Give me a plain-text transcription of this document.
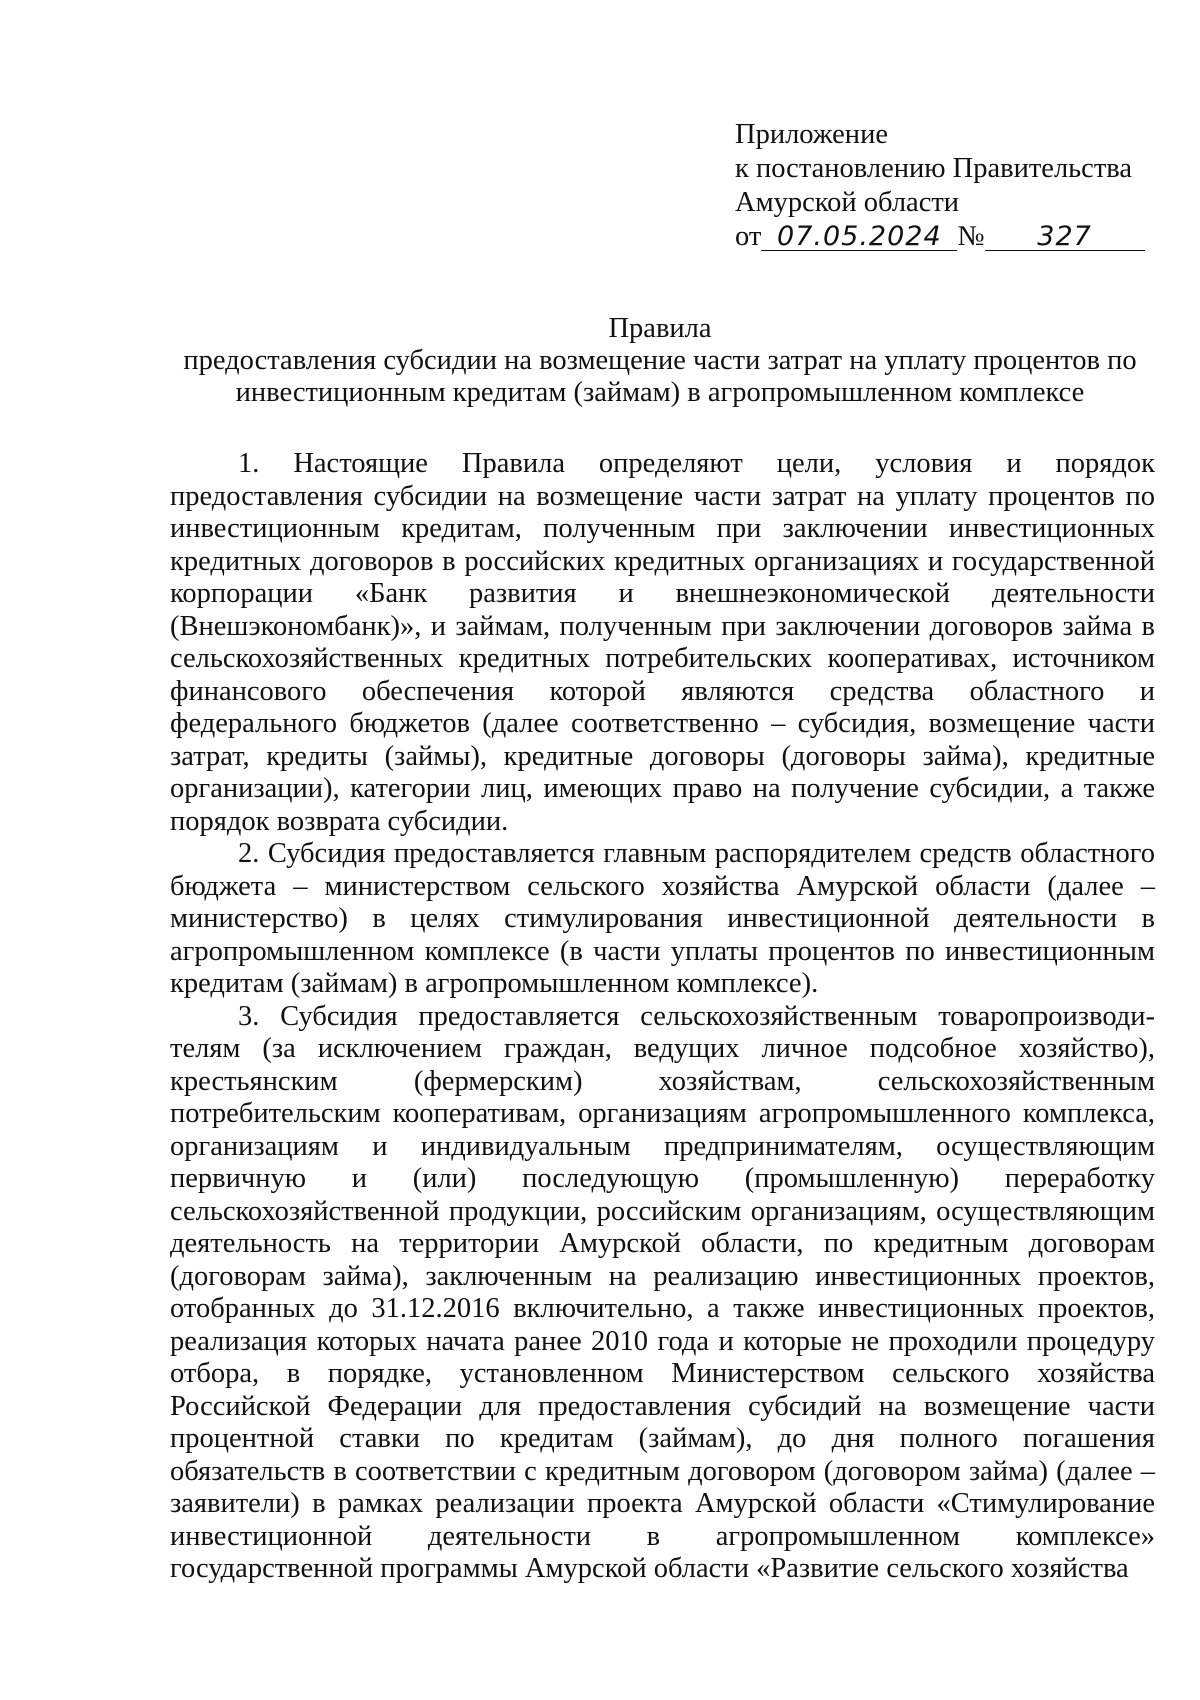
Приложение
к постановлению Правительства
Амурской области
от 07.05.2024 № 327
Правила
предоставления субсидии на возмещение части затрат на уплату процентов по
инвестиционным кредитам (займам) в агропромышленном комплексе

1. Настоящие Правила определяют цели, условия и порядок предоставления субсидии на возмещение части затрат на уплату процентов по инвестиционным кредитам, полученным при заключении инвестиционных кредитных договоров в российских кредитных организациях и государственной корпорации «Банк развития и внешнеэкономической деятельности (Внешэкономбанк)», и займам, полученным при заключении договоров займа в сельскохозяйственных кредитных потребительских кооперативах, источником финансового обеспечения которой являются средства областного и федерального бюджетов (далее соответственно – субсидия, возмещение части затрат, кредиты (займы), кредитные договоры (договоры займа), кредитные организации), категории лиц, имеющих право на получение субсидии, а также порядок возврата субсидии.

2. Субсидия предоставляется главным распорядителем средств областного бюджета – министерством сельского хозяйства Амурской области (далее – министерство) в целях стимулирования инвестиционной деятельности в агропромышленном комплексе (в части уплаты процентов по инвестиционным кредитам (займам) в агропромышленном комплексе).

3. Субсидия предоставляется сельскохозяйственным товаропроизводителям (за исключением граждан, ведущих личное подсобное хозяйство), крестьянским (фермерским) хозяйствам, сельскохозяйственным потребительским кооперативам, организациям агропромышленного комплекса, организациям и индивидуальным предпринимателям, осуществляющим первичную и (или) последующую (промышленную) переработку сельскохозяйственной продукции, российским организациям, осуществляющим деятельность на территории Амурской области, по кредитным договорам (договорам займа), заключенным на реализацию инвестиционных проектов, отобранных до 31.12.2016 включительно, а также инвестиционных проектов, реализация которых начата ранее 2010 года и которые не проходили процедуру отбора, в порядке, установленном Министерством сельского хозяйства Российской Федерации для предоставления субсидий на возмещение части процентной ставки по кредитам (займам), до дня полного погашения обязательств в соответствии с кредитным договором (договором займа) (далее – заявители) в рамках реализации проекта Амурской области «Стимулирование инвестиционной деятельности в агропромышленном комплексе» государственной программы Амурской области «Развитие сельского хозяйства
